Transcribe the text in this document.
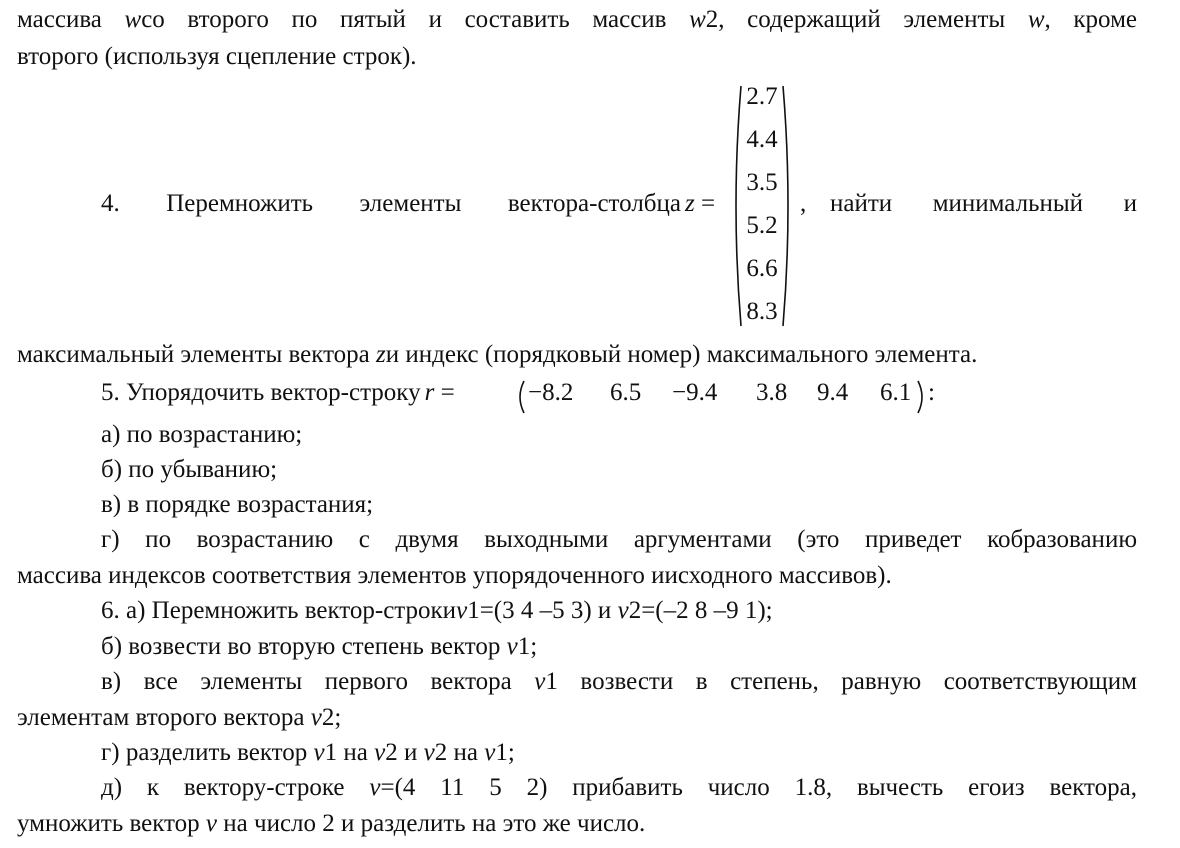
массива wсо второго по пятый и составить массив w2, содержащий элементы w, кроме
второго (используя сцепление строк).
4. Перемножить элементы вектора-столбца z =
2.7
4.4
3.5
5.2
6.6
8.3
, найти минимальный и
максимальный элементы вектора zи индекс (порядковый номер) максимального элемента.
5. Упорядочить вектор-строку r =	−8.2 6.5 −9.4 3.8 9.4 6.1 :
а) по возрастанию;
б) по убыванию;
в) в порядке возрастания;
г) по возрастанию с двумя выходными аргументами (это приведет кобразованию
массива индексов соответствия элементов упорядоченного иисходного массивов).
6. а) Перемножить вектор-строкиv1=(3 4 –5 3) и v2=(–2 8 –9 1);
б) возвести во вторую степень вектор v1;
в) все элементы первого вектора v1 возвести в степень, равную соответствующим
элементам второго вектора v2;
г) разделить вектор v1 на v2 и v2 на v1;
д) к вектору-строке v=(4 11 5 2) прибавить число 1.8, вычесть егоиз вектора,
умножить вектор v на число 2 и разделить на это же число.
